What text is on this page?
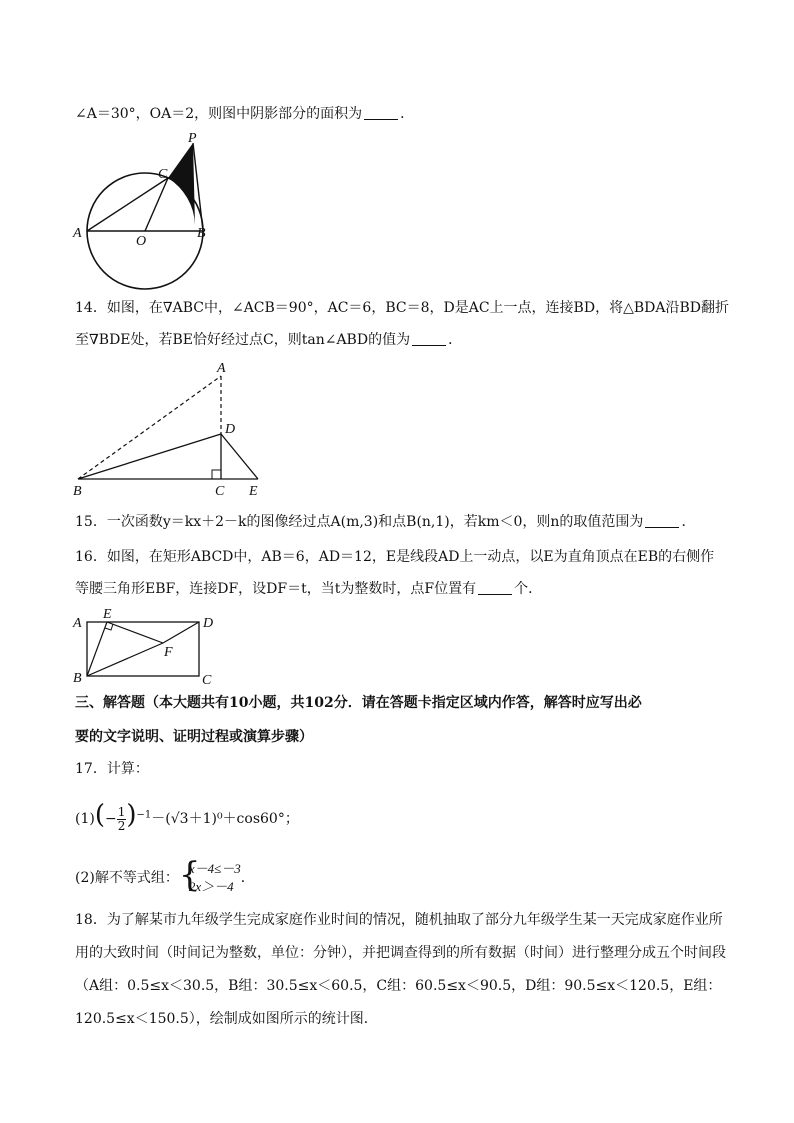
∠A＝30°，OA＝2，则图中阴影部分的面积为	．
P
C
A
O
B
14．如图，在∇ABC中，∠ACB＝90°，AC＝6，BC＝8，D是AC上一点，连接BD，将△BDA沿BD翻折
至∇BDE处，若BE恰好经过点C，则tan∠ABD的值为	．
A
D
B	C E
15．一次函数y＝kx＋2－k的图像经过点A(m,3)和点B(n,1)，若km＜0，则n的取值范围为	．
16．如图，在矩形ABCD中，AB＝6，AD＝12，E是线段AD上一动点，以E为直角顶点在EB的右侧作
等腰三角形EBF，连接DF，设DF＝t，当t为整数时，点F位置有	个．
A
E
D
F
B	C
三、解答题（本大题共有10小题，共102分．请在答题卡指定区域内作答，解答时应写出必
要的文字说明、证明过程或演算步骤）
17．计算：
$(1)(- \frac{1}{2} )^{-1}-(√3+1)^0+\cos 60^\circ$；
(2)解不等式组： {
x－4≤－3
2x＞－4
．
18．为了解某市九年级学生完成家庭作业时间的情况，随机抽取了部分九年级学生某一天完成家庭作业所
用的大致时间（时间记为整数，单位：分钟），并把调查得到的所有数据（时间）进行整理分成五个时间段
（A组：0.5≤x＜30.5，B组：30.5≤x＜60.5，C组：60.5≤x＜90.5，D组：90.5≤x＜120.5，E组：
120.5≤x＜150.5），绘制成如图所示的统计图．
